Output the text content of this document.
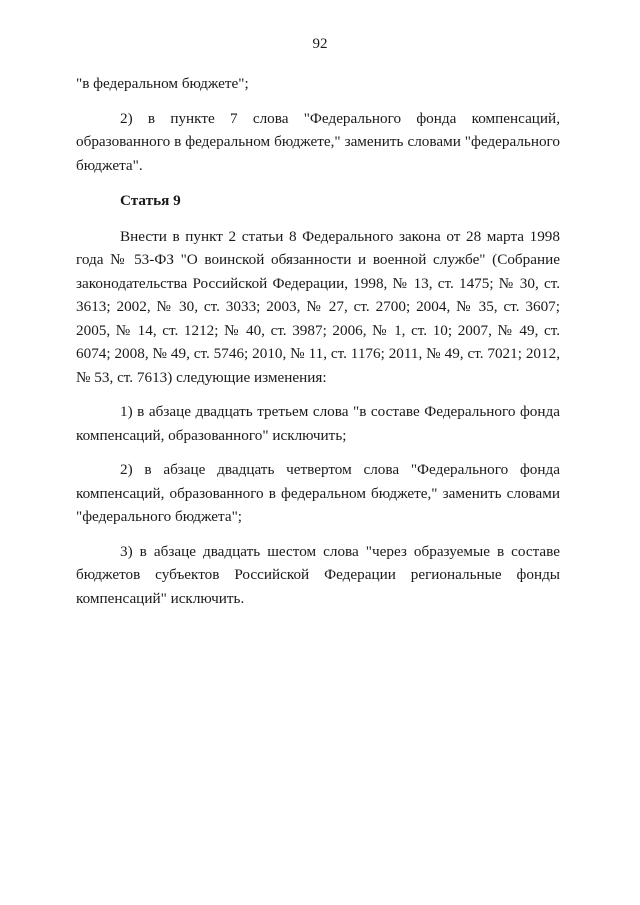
92

"в федеральном бюджете";

2) в пункте 7 слова "Федерального фонда компенсаций, образованного в федеральном бюджете," заменить словами "федерального бюджета".

Статья 9

Внести в пункт 2 статьи 8 Федерального закона от 28 марта 1998 года № 53-ФЗ "О воинской обязанности и военной службе" (Собрание законодательства Российской Федерации, 1998, № 13, ст. 1475; № 30, ст. 3613; 2002, № 30, ст. 3033; 2003, № 27, ст. 2700; 2004, № 35, ст. 3607; 2005, № 14, ст. 1212; № 40, ст. 3987; 2006, № 1, ст. 10; 2007, № 49, ст. 6074; 2008, № 49, ст. 5746; 2010, № 11, ст. 1176; 2011, № 49, ст. 7021; 2012, № 53, ст. 7613) следующие изменения:

1) в абзаце двадцать третьем слова "в составе Федерального фонда компенсаций, образованного" исключить;

2) в абзаце двадцать четвертом слова "Федерального фонда компенсаций, образованного в федеральном бюджете," заменить словами "федерального бюджета";

3) в абзаце двадцать шестом слова "через образуемые в составе бюджетов субъектов Российской Федерации региональные фонды компенсаций" исключить.
